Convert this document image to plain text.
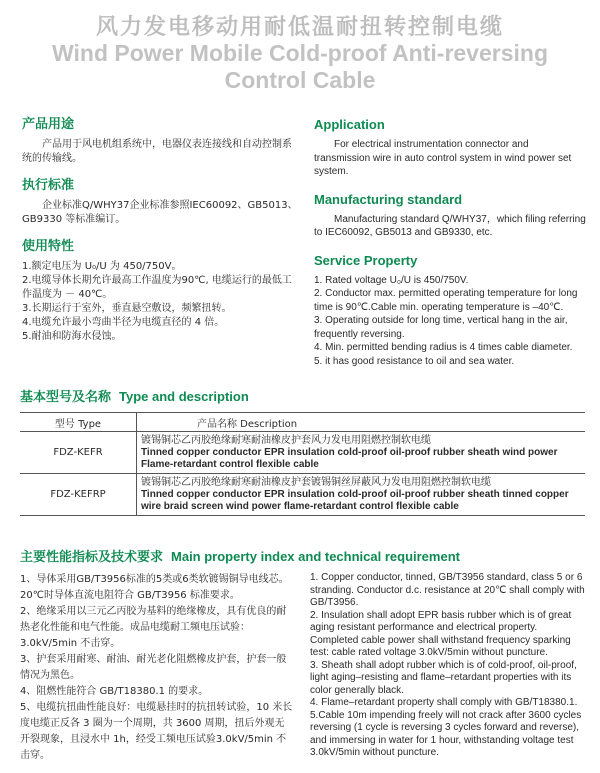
风力发电移动用耐低温耐扭转控制电缆
Wind Power Mobile Cold-proof Anti-reversing
Control Cable
产品用途

产品用于风电机组系统中，电器仪表连接线和自动控制系统的传输线。

执行标准

企业标准Q/WHY37企业标准参照IEC60092、GB5013、GB9330 等标准编订。

使用特性
1.额定电压为 U₀/U 为 450/750V。
2.电缆导体长期允许最高工作温度为90℃, 电缆运行的最低工作温度为 － 40℃。
3.长期运行于室外，垂直悬空敷设，频繁扭转。
4.电缆允许最小弯曲半径为电缆直径的 4 倍。
5.耐油和防海水侵蚀。
Application

For electrical instrumentation connector and transmission wire in auto control system in wind power set system.

Manufacturing standard

Manufacturing standard Q/WHY37，which filing referring to IEC60092, GB5013 and GB9330, etc.

Service Property
1. Rated voltage U₀/U is 450/750V.
2. Conductor max. permitted operating temperature for long time is 90℃.Cable min. operating temperature is –40℃.
3. Operating outside for long time, vertical hang in the air, frequently reversing.
4. Min. permitted bending radius is 4 times cable diameter.
5. it has good resistance to oil and sea water.
基本型号及名称 Type and description
型号 Type	产品名称 Description
FDZ-KEFR	镀锡铜芯乙丙胶绝缘耐寒耐油橡皮护套风力发电用阻燃控制软电缆
Tinned copper conductor EPR insulation cold-proof oil-proof rubber sheath wind power Flame-retardant control flexible cable

FDZ-KEFRP	镀锡铜芯乙丙胶绝缘耐寒耐油橡皮护套镀锡铜丝屏蔽风力发电用阻燃控制软电缆
Tinned copper conductor EPR insulation cold-proof oil-proof rubber sheath tinned copper wire braid screen wind power flame-retardant control flexible cable
主要性能指标及技术要求 Main property index and technical requirement

1、导体采用GB/T3956标准的5类或6类软镀锡铜导电线芯。20℃时导体直流电阻符合 GB/T3956 标准要求。

2、绝缘采用以三元乙丙胶为基料的绝缘橡皮，具有优良的耐热老化性能和电气性能。成品电缆耐工频电压试验：3.0kV/5min 不击穿。

3、护套采用耐寒、耐油、耐光老化阻燃橡皮护套，护套一般情况为黑色。

4、阻燃性能符合 GB/T18380.1 的要求。

5、电缆抗扭曲性能良好：电缆悬挂时的抗扭转试验，10 米长度电缆正反各 3 圈为一个周期，共 3600 周期，扭后外观无开裂现象，且浸水中 1h，经受工频电压试验3.0kV/5min 不击穿。

1. Copper conductor, tinned, GB/T3956 standard, class 5 or 6 stranding. Conductor d.c. resistance at 20℃ shall comply with GB/T3956.

2. Insulation shall adopt EPR basis rubber which is of great aging resistant performance and electrical property. Completed cable power shall withstand frequency sparking test: cable rated voltage 3.0kV/5min without puncture.

3. Sheath shall adopt rubber which is of cold-proof, oil-proof, light aging–resisting and flame–retardant properties with its color generally black.

4. Flame–retardant property shall comply with GB/T18380.1.

5.Cable 10m impending freely will not crack after 3600 cycles reversing (1 cycle is reversing 3 cycles forward and reverse), and immersing in water for 1 hour, withstanding voltage test 3.0kV/5min without puncture.
